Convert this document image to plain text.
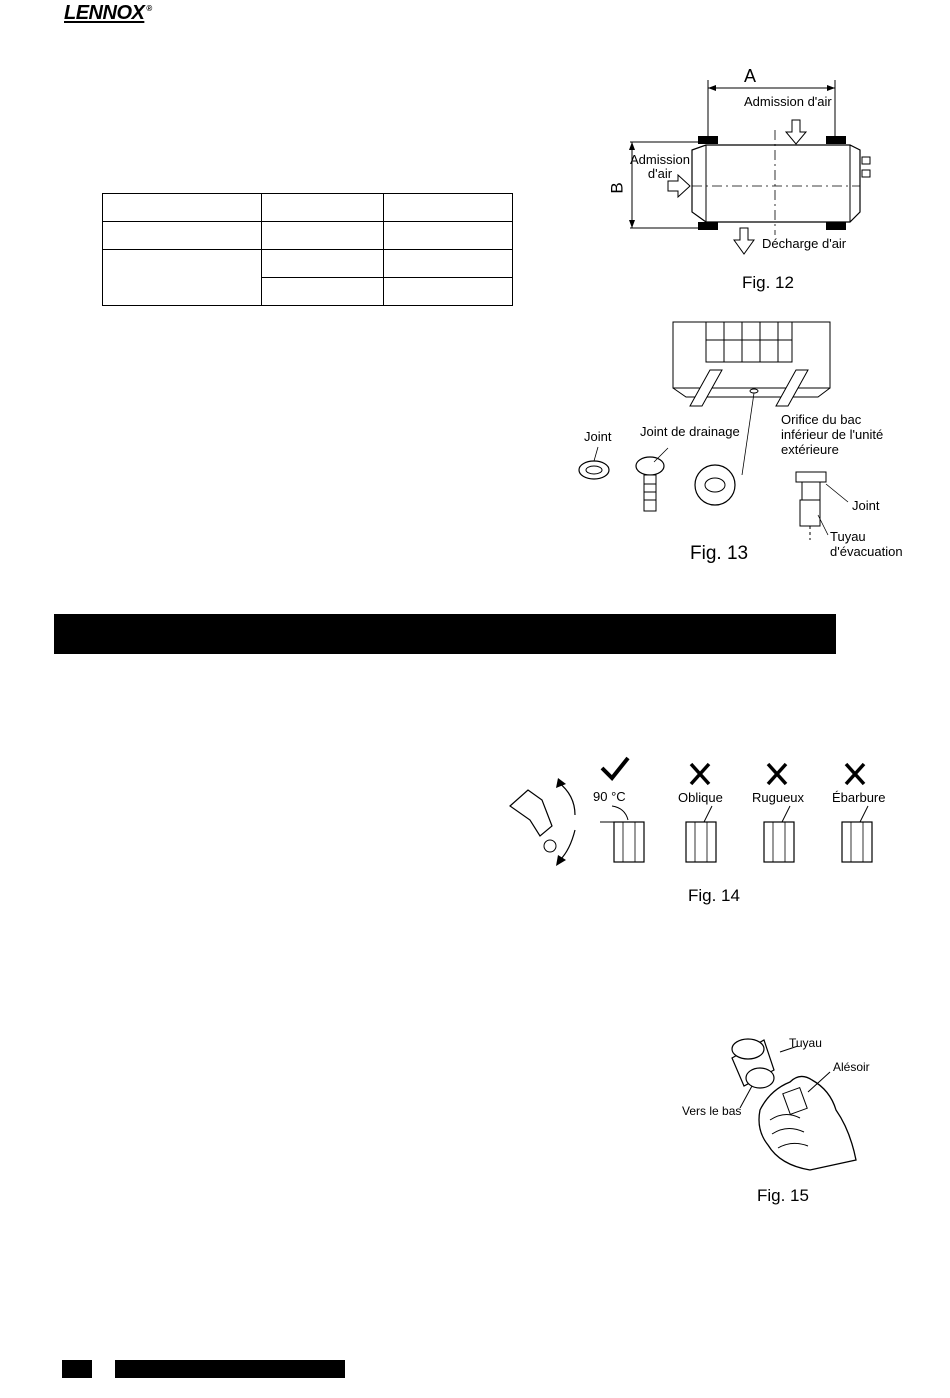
LENNOX ®

A
B
Admission d'air
Admission
d'air
Décharge d'air
Fig. 12
Joint Joint de drainage
Orifice du bac
inférieur de l'unité
extérieure
Joint
Tuyau
d'évacuation
Fig. 13
90 °C	Oblique Rugueux Ébarbure
Fig. 14
Tuyau
Alésoir
Vers le bas
Fig. 15
